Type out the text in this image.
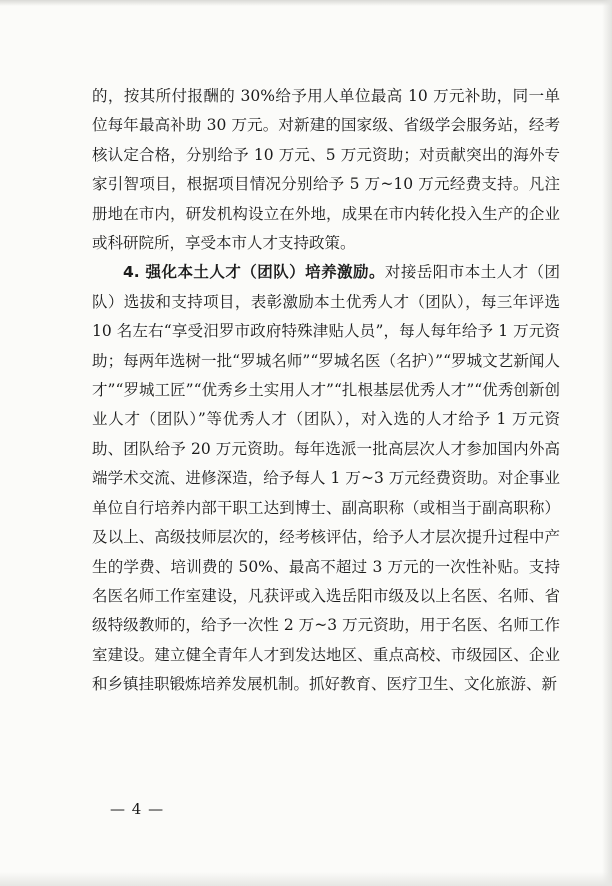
的，按其所付报酬的 30%给予用人单位最高 10 万元补助，同一单位每年最高补助 30 万元。对新建的国家级、省级学会服务站，经考核认定合格，分别给予 10 万元、5 万元资助；对贡献突出的海外专家引智项目，根据项目情况分别给予 5 万~10 万元经费支持。凡注册地在市内，研发机构设立在外地，成果在市内转化投入生产的企业或科研院所，享受本市人才支持政策。

4. 强化本土人才（团队）培养激励。对接岳阳市本土人才（团队）选拔和支持项目，表彰激励本土优秀人才（团队），每三年评选 10 名左右“享受汨罗市政府特殊津贴人员”，每人每年给予 1 万元资助；每两年选树一批“罗城名师”“罗城名医（名护）”“罗城文艺新闻人才”“罗城工匠”“优秀乡土实用人才”“扎根基层优秀人才”“优秀创新创业人才（团队）”等优秀人才（团队），对入选的人才给予 1 万元资助、团队给予 20 万元资助。每年选派一批高层次人才参加国内外高端学术交流、进修深造，给予每人 1 万~3 万元经费资助。对企事业单位自行培养内部干职工达到博士、副高职称（或相当于副高职称）及以上、高级技师层次的，经考核评估，给予人才层次提升过程中产生的学费、培训费的 50%、最高不超过 3 万元的一次性补贴。支持名医名师工作室建设，凡获评或入选岳阳市级及以上名医、名师、省级特级教师的，给予一次性 2 万~3 万元资助，用于名医、名师工作室建设。建立健全青年人才到发达地区、重点高校、市级园区、企业和乡镇挂职锻炼培养发展机制。抓好教育、医疗卫生、文化旅游、新

— 4 —
